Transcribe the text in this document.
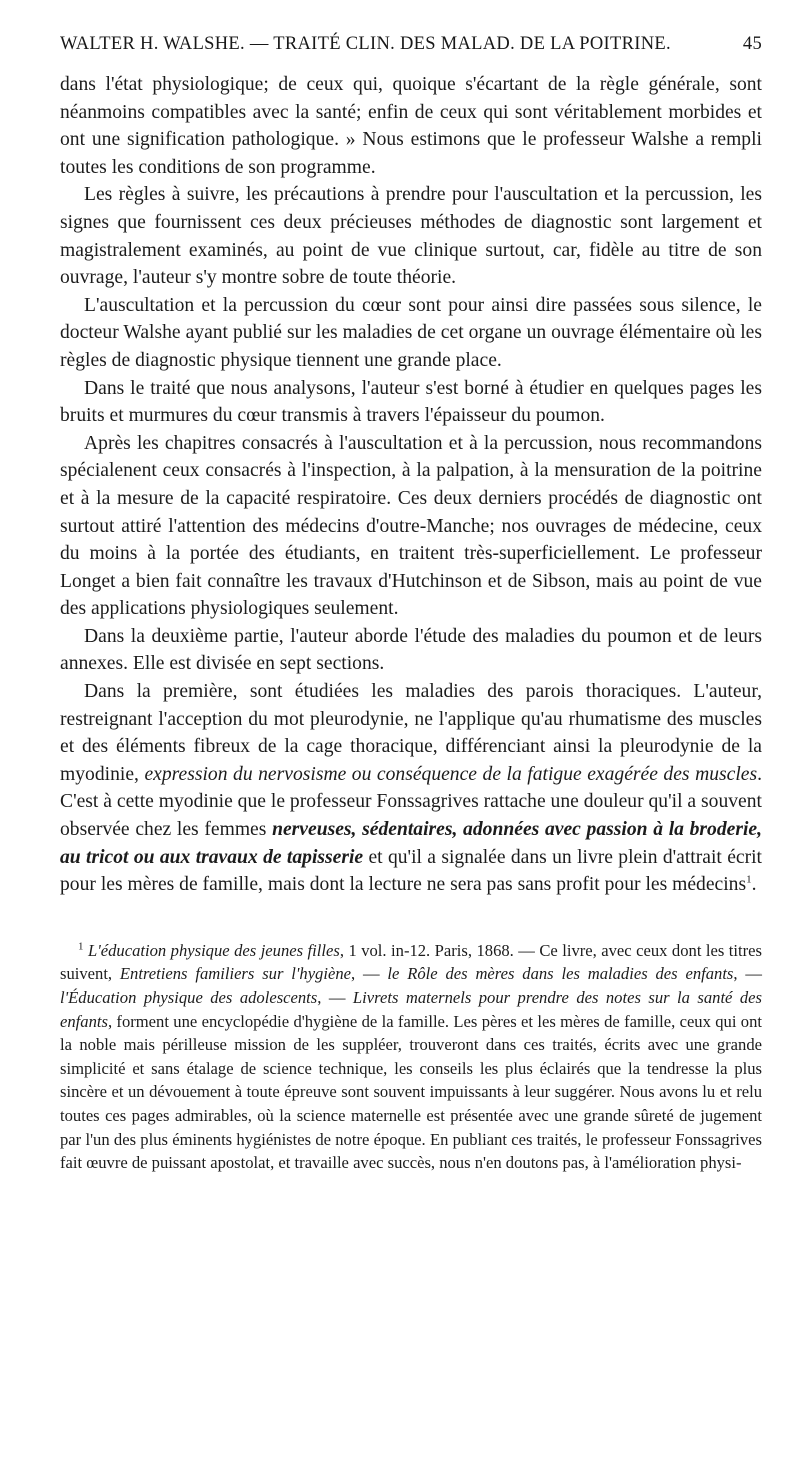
WALTER H. WALSHE. — TRAITÉ CLIN. DES MALAD. DE LA POITRINE.	45

dans l'état physiologique; de ceux qui, quoique s'écartant de la règle générale, sont néanmoins compatibles avec la santé; enfin de ceux qui sont véritablement morbides et ont une signification pathologique. » Nous estimons que le professeur Walshe a rempli toutes les conditions de son programme.

Les règles à suivre, les précautions à prendre pour l'auscultation et la percussion, les signes que fournissent ces deux précieuses méthodes de diagnostic sont largement et magistralement examinés, au point de vue clinique surtout, car, fidèle au titre de son ouvrage, l'auteur s'y montre sobre de toute théorie.

L'auscultation et la percussion du cœur sont pour ainsi dire passées sous silence, le docteur Walshe ayant publié sur les maladies de cet organe un ouvrage élémentaire où les règles de diagnostic physique tiennent une grande place.

Dans le traité que nous analysons, l'auteur s'est borné à étudier en quelques pages les bruits et murmures du cœur transmis à travers l'épaisseur du poumon.

Après les chapitres consacrés à l'auscultation et à la percussion, nous recommandons spécialenent ceux consacrés à l'inspection, à la palpation, à la mensuration de la poitrine et à la mesure de la capacité respiratoire. Ces deux derniers procédés de diagnostic ont surtout attiré l'attention des médecins d'outre-Manche; nos ouvrages de médecine, ceux du moins à la portée des étudiants, en traitent très-superficiellement. Le professeur Longet a bien fait connaître les travaux d'Hutchinson et de Sibson, mais au point de vue des applications physiologiques seulement.

Dans la deuxième partie, l'auteur aborde l'étude des maladies du poumon et de leurs annexes. Elle est divisée en sept sections.

Dans la première, sont étudiées les maladies des parois thoraciques. L'auteur, restreignant l'acception du mot pleurodynie, ne l'applique qu'au rhumatisme des muscles et des éléments fibreux de la cage thoracique, différenciant ainsi la pleurodynie de la myodinie, expression du nervosisme ou conséquence de la fatigue exagérée des muscles. C'est à cette myodinie que le professeur Fonssagrives rattache une douleur qu'il a souvent observée chez les femmes nerveuses, sédentaires, adonnées avec passion à la broderie, au tricot ou aux travaux de tapisserie et qu'il a signalée dans un livre plein d'attrait écrit pour les mères de famille, mais dont la lecture ne sera pas sans profit pour les médecins$^1$.

$^1$ L'éducation physique des jeunes filles, 1 vol. in-12. Paris, 1868. — Ce livre, avec ceux dont les titres suivent, Entretiens familiers sur l'hygiène, — le Rôle des mères dans les maladies des enfants, — l'Éducation physique des adolescents, — Livrets maternels pour prendre des notes sur la santé des enfants, forment une encyclopédie d'hygiène de la famille. Les pères et les mères de famille, ceux qui ont la noble mais périlleuse mission de les suppléer, trouveront dans ces traités, écrits avec une grande simplicité et sans étalage de science technique, les conseils les plus éclairés que la tendresse la plus sincère et un dévouement à toute épreuve sont souvent impuissants à leur suggérer. Nous avons lu et relu toutes ces pages admirables, où la science maternelle est présentée avec une grande sûreté de jugement par l'un des plus éminents hygiénistes de notre époque. En publiant ces traités, le professeur Fonssagrives fait œuvre de puissant apostolat, et travaille avec succès, nous n'en doutons pas, à l'amélioration physi-
